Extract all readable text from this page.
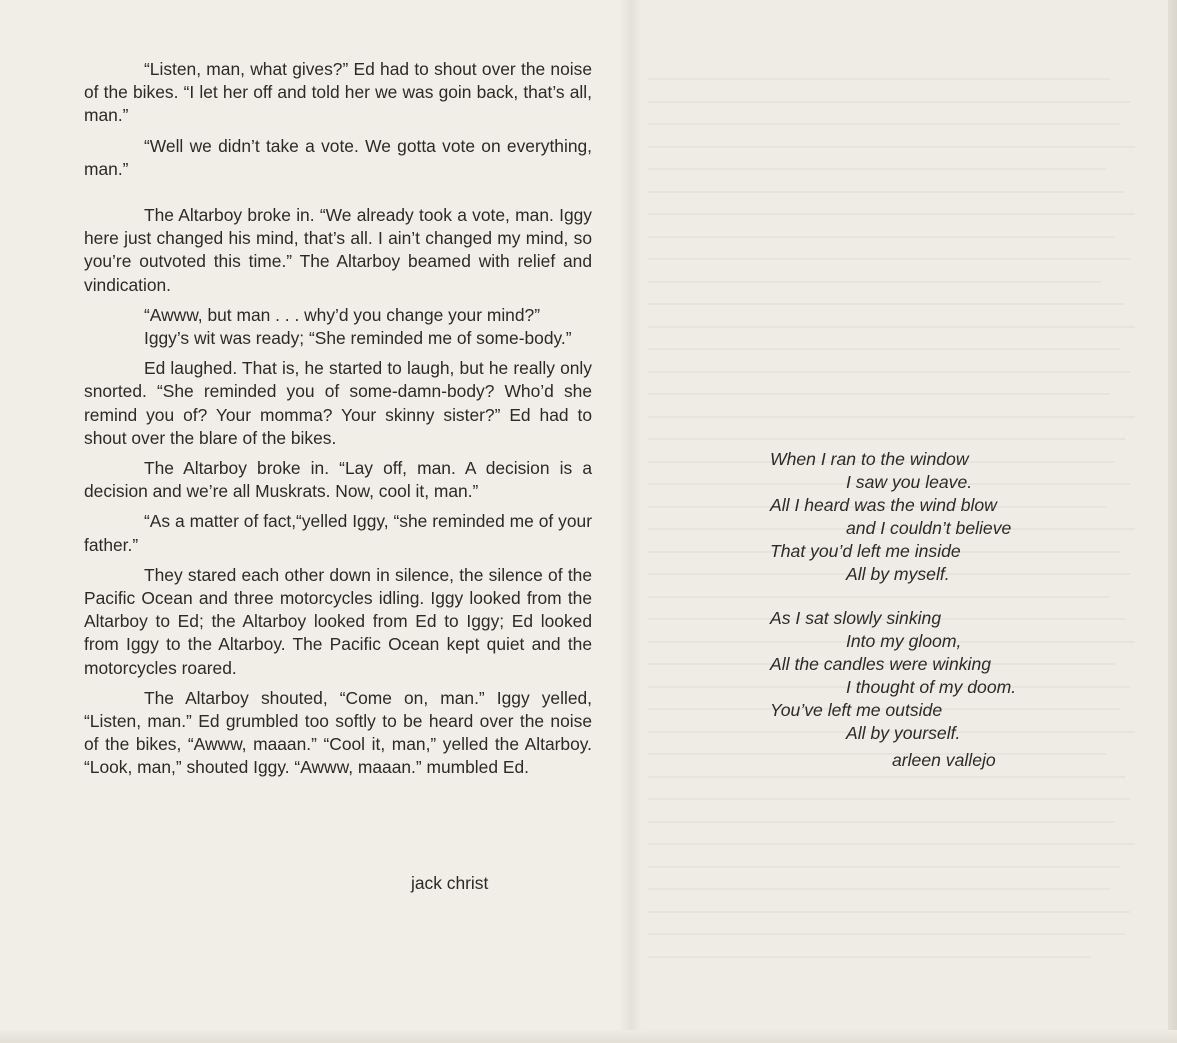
“Listen, man, what gives?” Ed had to shout over the noise of the bikes. “I let her off and told her we was goin back, that’s all, man.”

“Well we didn’t take a vote. We gotta vote on everything, man.”

The Altarboy broke in. “We already took a vote, man. Iggy here just changed his mind, that’s all. I ain’t changed my mind, so you’re outvoted this time.” The Altarboy beamed with relief and vindication.

“Awww, but man . . . why’d you change your mind?”

Iggy’s wit was ready; “She reminded me of some-body.”

Ed laughed. That is, he started to laugh, but he really only snorted. “She reminded you of some-damn-body? Who’d she remind you of? Your momma? Your skinny sister?” Ed had to shout over the blare of the bikes.

The Altarboy broke in. “Lay off, man. A decision is a decision and we’re all Muskrats. Now, cool it, man.”

“As a matter of fact,“yelled Iggy, “she reminded me of your father.”

They stared each other down in silence, the silence of the Pacific Ocean and three motorcycles idling. Iggy looked from the Altarboy to Ed; the Altarboy looked from Ed to Iggy; Ed looked from Iggy to the Altarboy. The Pacific Ocean kept quiet and the motorcycles roared.

The Altarboy shouted, “Come on, man.” Iggy yelled, “Listen, man.” Ed grumbled too softly to be heard over the noise of the bikes, “Awww, maaan.” “Cool it, man,” yelled the Altarboy. “Look, man,” shouted Iggy. “Awww, maaan.” mumbled Ed.

jack christ
When I ran to the window
I saw you leave.
All I heard was the wind blow
and I couldn’t believe
That you’d left me inside
All by myself.
As I sat slowly sinking
Into my gloom,
All the candles were winking
I thought of my doom.
You’ve left me outside
All by yourself.
arleen vallejo
